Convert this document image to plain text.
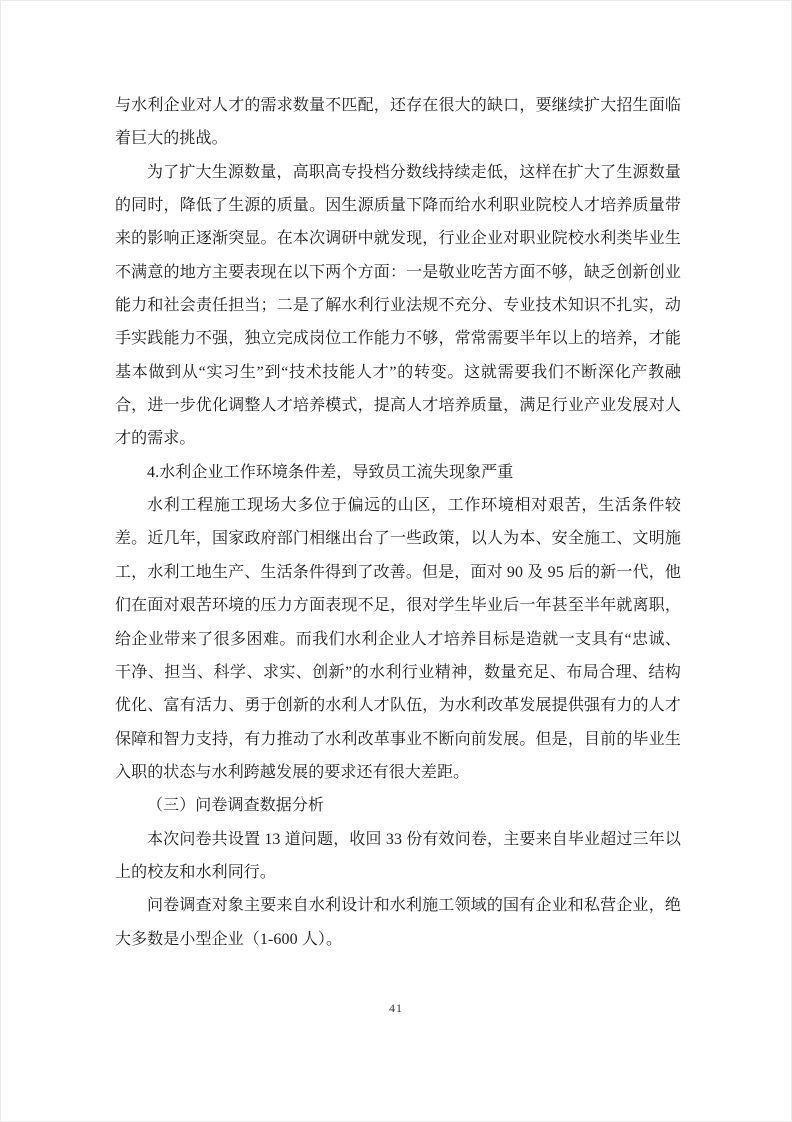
与水利企业对人才的需求数量不匹配，还存在很大的缺口，要继续扩大招生面临着巨大的挑战。

为了扩大生源数量，高职高专投档分数线持续走低，这样在扩大了生源数量的同时，降低了生源的质量。因生源质量下降而给水利职业院校人才培养质量带来的影响正逐渐突显。在本次调研中就发现，行业企业对职业院校水利类毕业生不满意的地方主要表现在以下两个方面：一是敬业吃苦方面不够，缺乏创新创业能力和社会责任担当；二是了解水利行业法规不充分、专业技术知识不扎实，动手实践能力不强，独立完成岗位工作能力不够，常常需要半年以上的培养，才能基本做到从“实习生”到“技术技能人才”的转变。这就需要我们不断深化产教融合，进一步优化调整人才培养模式，提高人才培养质量，满足行业产业发展对人才的需求。

4.水利企业工作环境条件差，导致员工流失现象严重

水利工程施工现场大多位于偏远的山区，工作环境相对艰苦，生活条件较差。近几年，国家政府部门相继出台了一些政策，以人为本、安全施工、文明施工，水利工地生产、生活条件得到了改善。但是，面对 90 及 95 后的新一代，他们在面对艰苦环境的压力方面表现不足，很对学生毕业后一年甚至半年就离职，给企业带来了很多困难。而我们水利企业人才培养目标是造就一支具有“忠诚、干净、担当、科学、求实、创新”的水利行业精神，数量充足、布局合理、结构优化、富有活力、勇于创新的水利人才队伍，为水利改革发展提供强有力的人才保障和智力支持，有力推动了水利改革事业不断向前发展。但是，目前的毕业生入职的状态与水利跨越发展的要求还有很大差距。

（三）问卷调查数据分析

本次问卷共设置 13 道问题，收回 33 份有效问卷，主要来自毕业超过三年以上的校友和水利同行。

问卷调查对象主要来自水利设计和水利施工领域的国有企业和私营企业，绝大多数是小型企业（1-600 人）。

41
